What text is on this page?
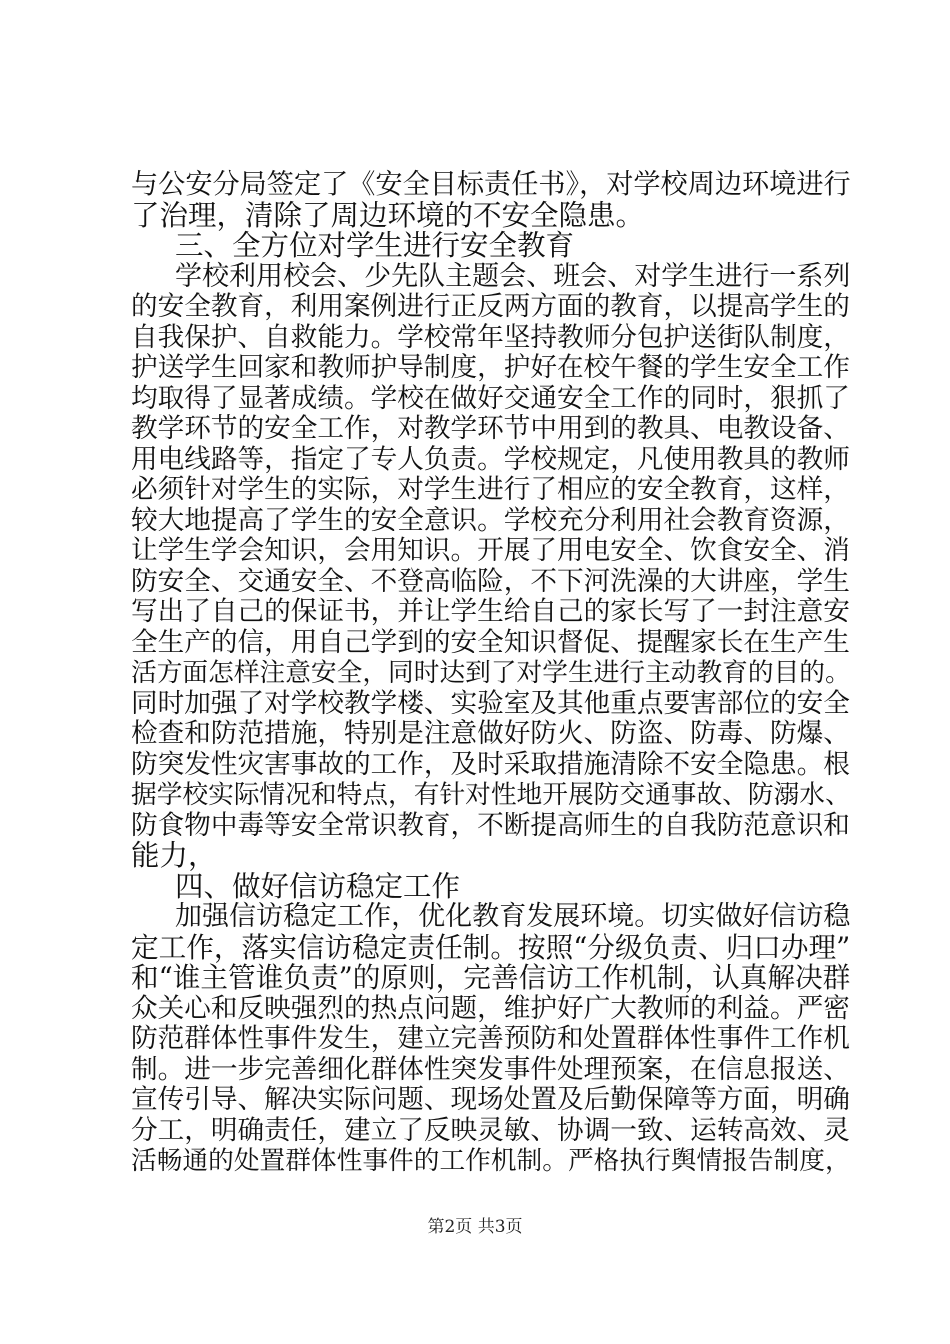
与公安分局签定了《安全目标责任书》，对学校周边环境进行
了治理，清除了周边环境的不安全隐患。
三、全方位对学生进行安全教育
学校利用校会、少先队主题会、班会、对学生进行一系列
的安全教育，利用案例进行正反两方面的教育，以提高学生的
自我保护、自救能力。学校常年坚持教师分包护送街队制度，
护送学生回家和教师护导制度，护好在校午餐的学生安全工作
均取得了显著成绩。学校在做好交通安全工作的同时，狠抓了
教学环节的安全工作，对教学环节中用到的教具、电教设备、
用电线路等，指定了专人负责。学校规定，凡使用教具的教师
必须针对学生的实际，对学生进行了相应的安全教育，这样，
较大地提高了学生的安全意识。学校充分利用社会教育资源，
让学生学会知识，会用知识。开展了用电安全、饮食安全、消
防安全、交通安全、不登高临险，不下河洗澡的大讲座，学生
写出了自己的保证书，并让学生给自己的家长写了一封注意安
全生产的信，用自己学到的安全知识督促、提醒家长在生产生
活方面怎样注意安全，同时达到了对学生进行主动教育的目的。
同时加强了对学校教学楼、实验室及其他重点要害部位的安全
检查和防范措施，特别是注意做好防火、防盗、防毒、防爆、
防突发性灾害事故的工作，及时采取措施清除不安全隐患。根
据学校实际情况和特点，有针对性地开展防交通事故、防溺水、
防食物中毒等安全常识教育，不断提高师生的自我防范意识和
能力，
四、做好信访稳定工作
加强信访稳定工作，优化教育发展环境。切实做好信访稳
定工作，落实信访稳定责任制。按照“分级负责、归口办理”
和“谁主管谁负责”的原则，完善信访工作机制，认真解决群
众关心和反映强烈的热点问题，维护好广大教师的利益。严密
防范群体性事件发生，建立完善预防和处置群体性事件工作机
制。进一步完善细化群体性突发事件处理预案，在信息报送、
宣传引导、解决实际问题、现场处置及后勤保障等方面，明确
分工，明确责任，建立了反映灵敏、协调一致、运转高效、灵
活畅通的处置群体性事件的工作机制。严格执行舆情报告制度，
第2页 共3页
